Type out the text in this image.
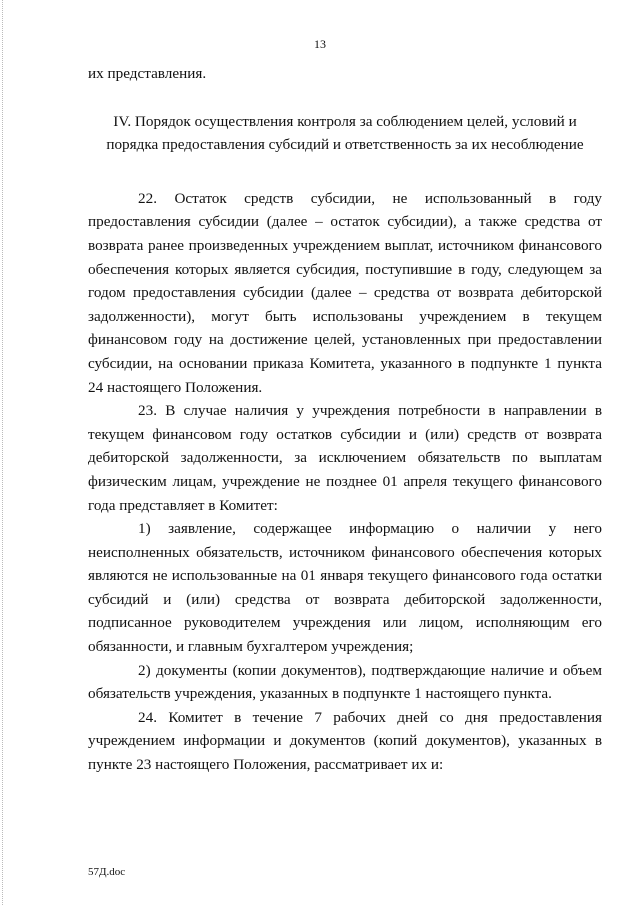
13

их представления.

IV. Порядок осуществления контроля за соблюдением целей, условий и порядка предоставления субсидий и ответственность за их несоблюдение

22. Остаток средств субсидии, не использованный в году предоставления субсидии (далее – остаток субсидии), а также средства от возврата ранее произведенных учреждением выплат, источником финансового обеспечения которых является субсидия, поступившие в году, следующем за годом предоставления субсидии (далее – средства от возврата дебиторской задолженности), могут быть использованы учреждением в текущем финансовом году на достижение целей, установленных при предоставлении субсидии, на основании приказа Комитета, указанного в подпункте 1 пункта 24 настоящего Положения.

23. В случае наличия у учреждения потребности в направлении в текущем финансовом году остатков субсидии и (или) средств от возврата дебиторской задолженности, за исключением обязательств по выплатам физическим лицам, учреждение не позднее 01 апреля текущего финансового года представляет в Комитет:

1) заявление, содержащее информацию о наличии у него неисполненных обязательств, источником финансового обеспечения которых являются не использованные на 01 января текущего финансового года остатки субсидий и (или) средства от возврата дебиторской задолженности, подписанное руководителем учреждения или лицом, исполняющим его обязанности, и главным бухгалтером учреждения;

2) документы (копии документов), подтверждающие наличие и объем обязательств учреждения, указанных в подпункте 1 настоящего пункта.

24. Комитет в течение 7 рабочих дней со дня предоставления учреждением информации и документов (копий документов), указанных в пункте 23 настоящего Положения, рассматривает их и:

57Д.doc
